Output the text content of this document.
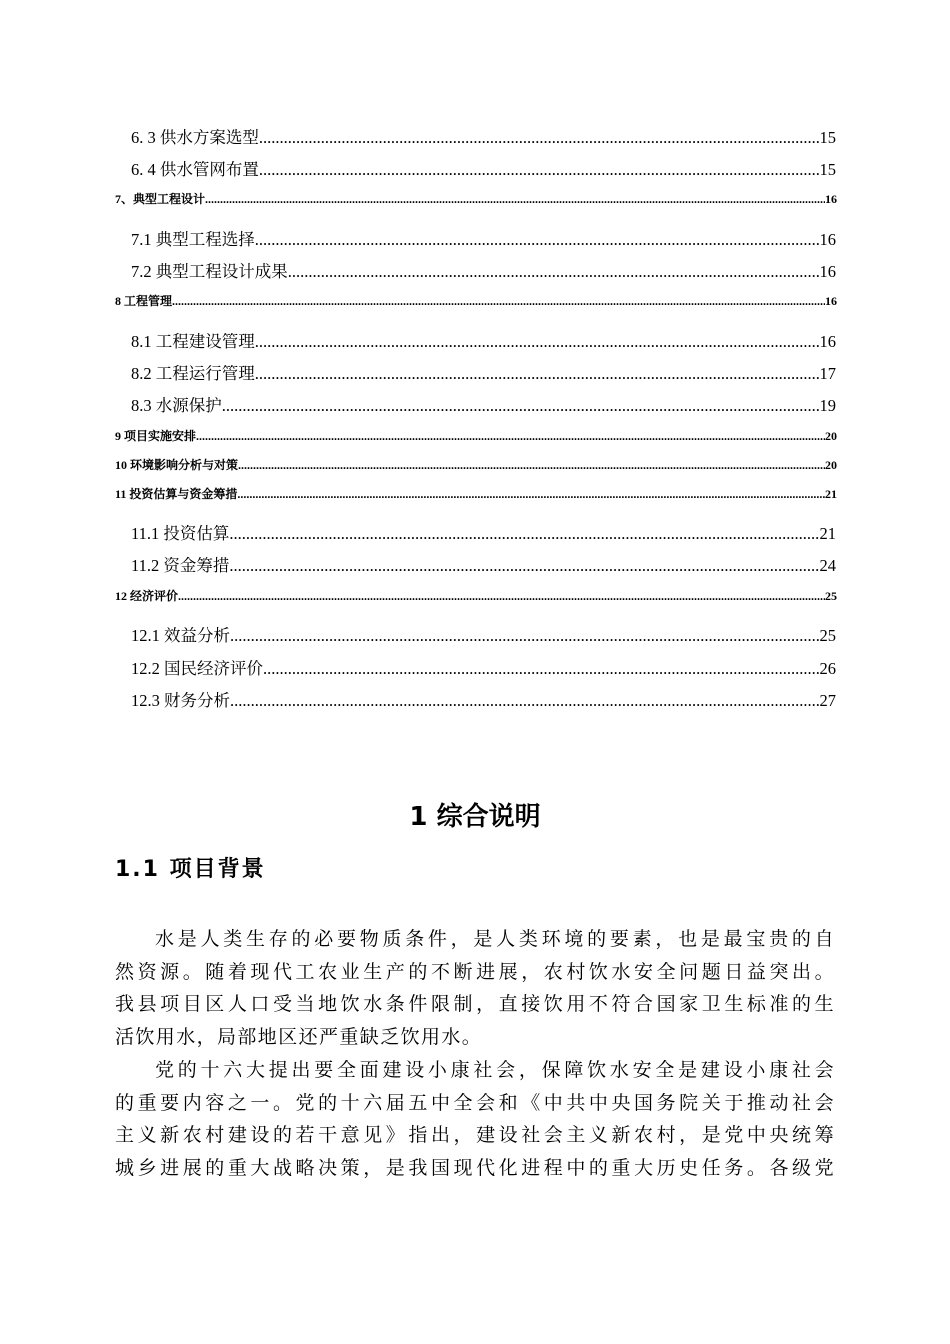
6. 3 供水方案选型 .....	15
6. 4 供水管网布置 .....	15
7、典型工程设计 .....	16
7.1 典型工程选择 .....	16
7.2 典型工程设计成果 .....	16
8 工程管理 .....	16
8.1 工程建设管理 .....	16
8.2 工程运行管理 .....	17
8.3 水源保护 .....	19
9 项目实施安排 .....	20
10 环境影响分析与对策 .....	20
11 投资估算与资金筹措 .....	21
11.1 投资估算 .....	21
11.2 资金筹措 .....	24
12 经济评价 .....	25
12.1 效益分析 .....	25
12.2 国民经济评价 .....	26
12.3 财务分析 .....	27
1 综合说明
1.1 项目背景
水是人类生存的必要物质条件，是人类环境的要素，也是最宝贵的自
然资源。随着现代工农业生产的不断进展，农村饮水安全问题日益突出。
我县项目区人口受当地饮水条件限制，直接饮用不符合国家卫生标准的生
活饮用水，局部地区还严重缺乏饮用水。
党的十六大提出要全面建设小康社会，保障饮水安全是建设小康社会
的重要内容之一。党的十六届五中全会和《中共中央国务院关于推动社会
主义新农村建设的若干意见》指出，建设社会主义新农村，是党中央统筹
城乡进展的重大战略决策，是我国现代化进程中的重大历史任务。各级党
